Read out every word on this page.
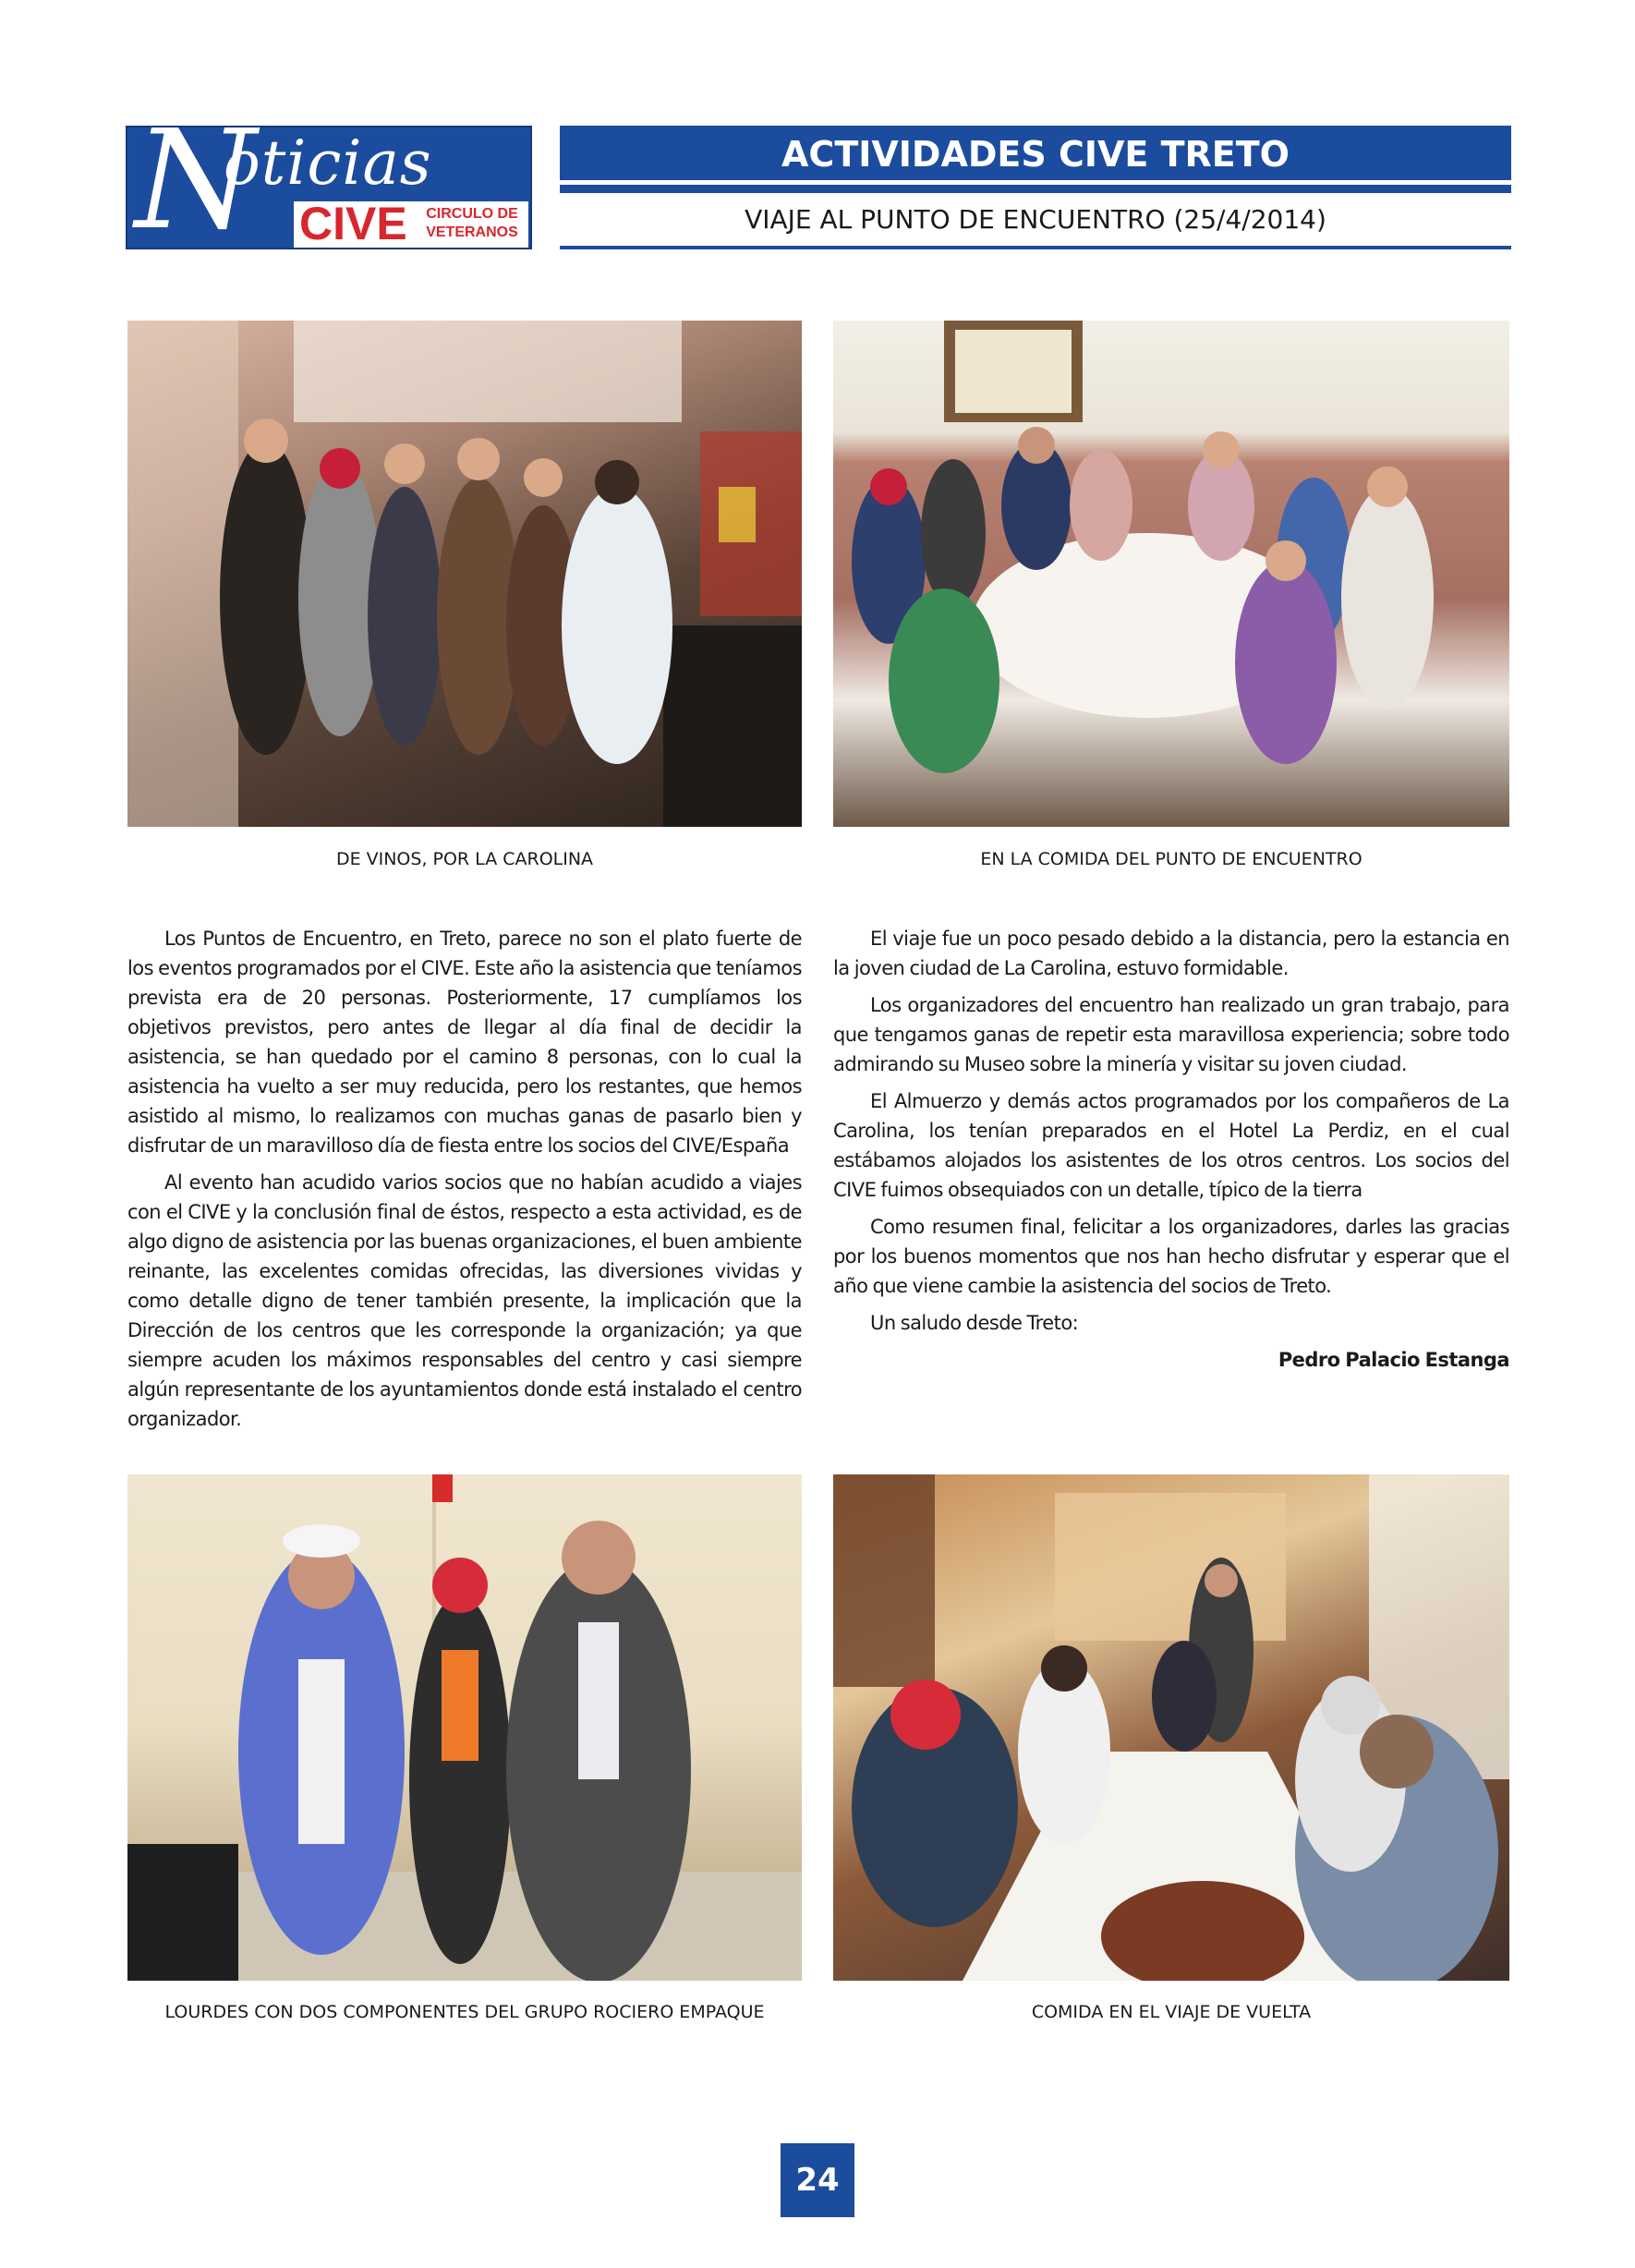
N
oticias
CIVE	CIRCULO DE
VETERANOS
ACTIVIDADES CIVE TRETO
VIAJE AL PUNTO DE ENCUENTRO (25/4/2014)
DE VINOS, POR LA CAROLINA	EN LA COMIDA DEL PUNTO DE ENCUENTRO

Los Puntos de Encuentro, en Treto, parece no son el plato fuerte de los eventos programados por el CIVE. Este año la asistencia que teníamos prevista era de 20 personas. Posteriormente, 17 cumplíamos los objetivos previstos, pero antes de llegar al día final de decidir la asistencia, se han quedado por el camino 8 personas, con lo cual la asistencia ha vuelto a ser muy reducida, pero los restantes, que hemos asistido al mismo, lo realizamos con muchas ganas de pasarlo bien y disfrutar de un maravilloso día de fiesta entre los socios del CIVE/España

Al evento han acudido varios socios que no habían acudido a viajes con el CIVE y la conclusión final de éstos, respecto a esta actividad, es de algo digno de asistencia por las buenas organizaciones, el buen ambiente reinante, las excelentes comidas ofrecidas, las diversiones vividas y como detalle digno de tener también presente, la implicación que la Dirección de los centros que les corresponde la organización; ya que siempre acuden los máximos responsables del centro y casi siempre algún representante de los ayuntamientos donde está instalado el centro organizador.

El viaje fue un poco pesado debido a la distancia, pero la estancia en la joven ciudad de La Carolina, estuvo formidable.

Los organizadores del encuentro han realizado un gran trabajo, para que tengamos ganas de repetir esta maravillosa experiencia; sobre todo admirando su Museo sobre la minería y visitar su joven ciudad.

El Almuerzo y demás actos programados por los compañeros de La Carolina, los tenían preparados en el Hotel La Perdiz, en el cual estábamos alojados los asistentes de los otros centros. Los socios del CIVE fuimos obsequiados con un detalle, típico de la tierra

Como resumen final, felicitar a los organizadores, darles las gracias por los buenos momentos que nos han hecho disfrutar y esperar que el año que viene cambie la asistencia del socios de Treto.

Un saludo desde Treto:

Pedro Palacio Estanga

LOURDES CON DOS COMPONENTES DEL GRUPO ROCIERO EMPAQUE	COMIDA EN EL VIAJE DE VUELTA
24
